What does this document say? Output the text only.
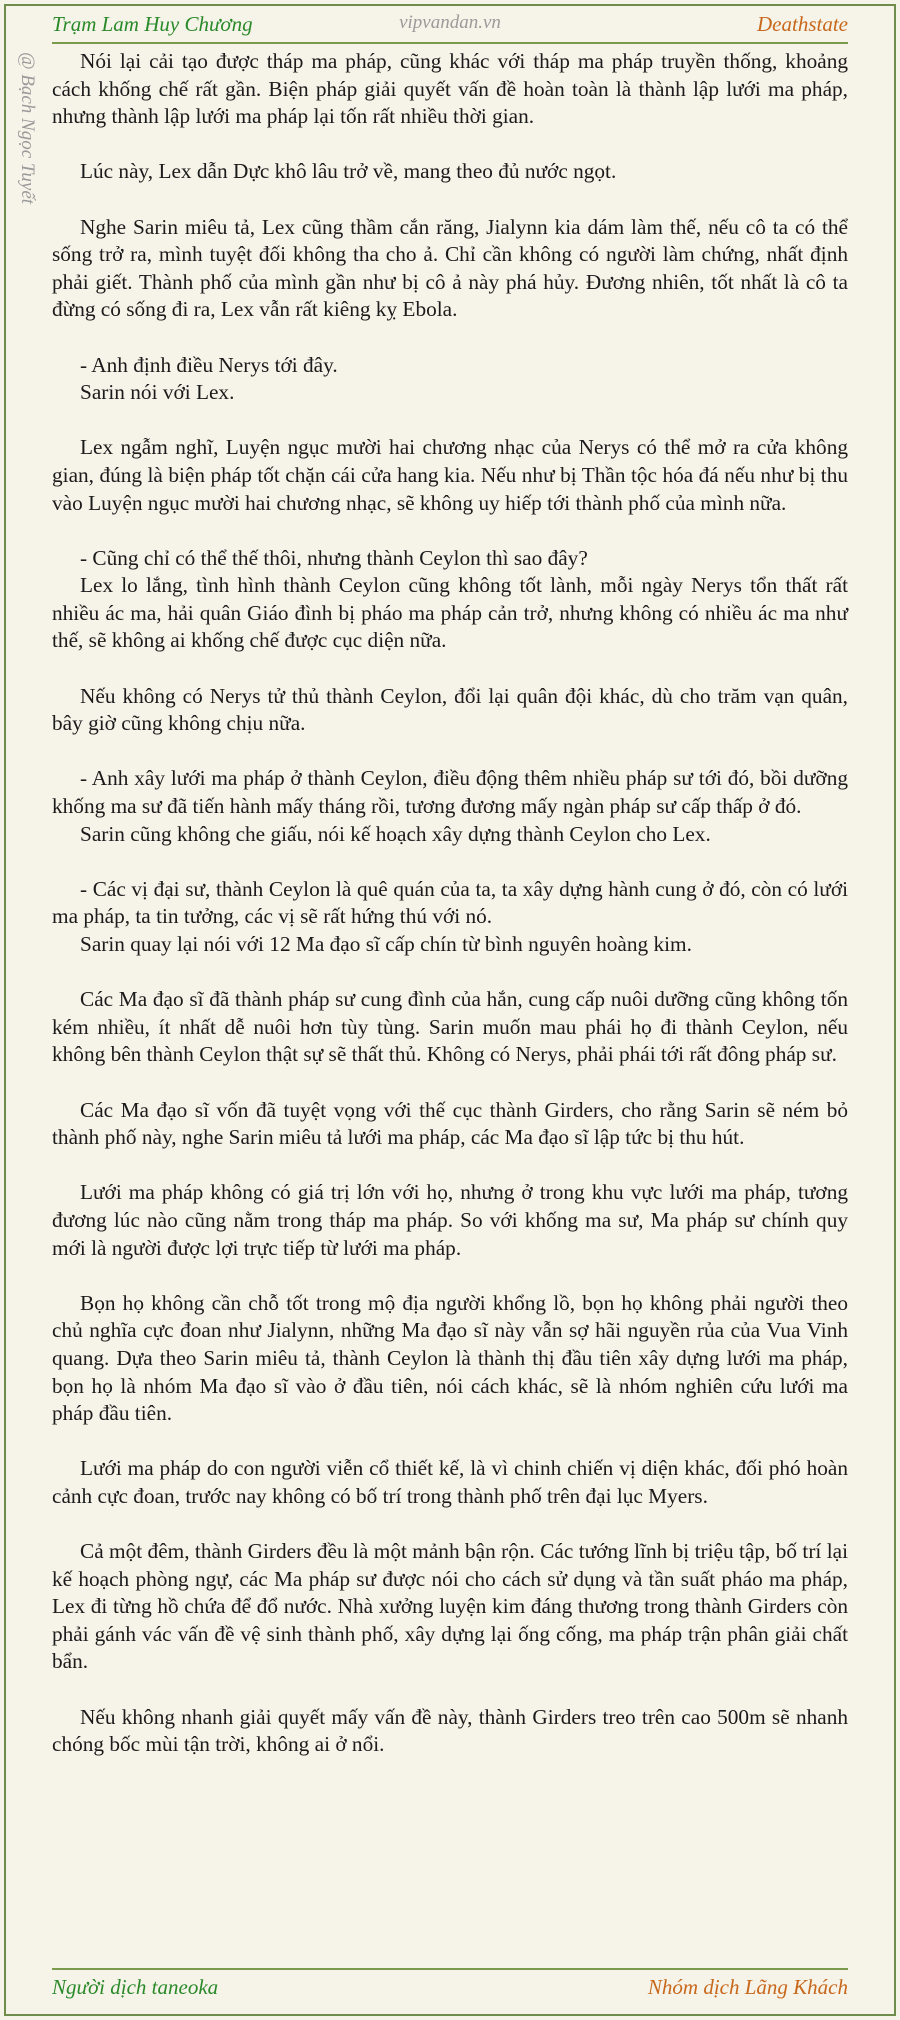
Trạm Lam Huy Chương	vipvandan.vn	Deathstate
@ Bạch Ngọc Tuyết	Nói lại cải tạo được tháp ma pháp, cũng khác với tháp ma pháp truyền thống, khoảng cách khống chế rất gần. Biện pháp giải quyết vấn đề hoàn toàn là thành lập lưới ma pháp, nhưng thành lập lưới ma pháp lại tốn rất nhiều thời gian.

Lúc này, Lex dẫn Dực khô lâu trở về, mang theo đủ nước ngọt.

Nghe Sarin miêu tả, Lex cũng thầm cắn răng, Jialynn kia dám làm thế, nếu cô ta có thể sống trở ra, mình tuyệt đối không tha cho ả. Chỉ cần không có người làm chứng, nhất định phải giết. Thành phố của mình gần như bị cô ả này phá hủy. Đương nhiên, tốt nhất là cô ta đừng có sống đi ra, Lex vẫn rất kiêng kỵ Ebola.

- Anh định điều Nerys tới đây.

Sarin nói với Lex.

Lex ngẫm nghĩ, Luyện ngục mười hai chương nhạc của Nerys có thể mở ra cửa không gian, đúng là biện pháp tốt chặn cái cửa hang kia. Nếu như bị Thần tộc hóa đá nếu như bị thu vào Luyện ngục mười hai chương nhạc, sẽ không uy hiếp tới thành phố của mình nữa.

- Cũng chỉ có thể thế thôi, nhưng thành Ceylon thì sao đây?

Lex lo lắng, tình hình thành Ceylon cũng không tốt lành, mỗi ngày Nerys tổn thất rất nhiều ác ma, hải quân Giáo đình bị pháo ma pháp cản trở, nhưng không có nhiều ác ma như thế, sẽ không ai khống chế được cục diện nữa.

Nếu không có Nerys tử thủ thành Ceylon, đổi lại quân đội khác, dù cho trăm vạn quân, bây giờ cũng không chịu nữa.

- Anh xây lưới ma pháp ở thành Ceylon, điều động thêm nhiều pháp sư tới đó, bồi dưỡng khống ma sư đã tiến hành mấy tháng rồi, tương đương mấy ngàn pháp sư cấp thấp ở đó.

Sarin cũng không che giấu, nói kế hoạch xây dựng thành Ceylon cho Lex.

- Các vị đại sư, thành Ceylon là quê quán của ta, ta xây dựng hành cung ở đó, còn có lưới ma pháp, ta tin tưởng, các vị sẽ rất hứng thú với nó.

Sarin quay lại nói với 12 Ma đạo sĩ cấp chín từ bình nguyên hoàng kim.

Các Ma đạo sĩ đã thành pháp sư cung đình của hắn, cung cấp nuôi dưỡng cũng không tốn kém nhiều, ít nhất dễ nuôi hơn tùy tùng. Sarin muốn mau phái họ đi thành Ceylon, nếu không bên thành Ceylon thật sự sẽ thất thủ. Không có Nerys, phải phái tới rất đông pháp sư.

Các Ma đạo sĩ vốn đã tuyệt vọng với thế cục thành Girders, cho rằng Sarin sẽ ném bỏ thành phố này, nghe Sarin miêu tả lưới ma pháp, các Ma đạo sĩ lập tức bị thu hút.

Lưới ma pháp không có giá trị lớn với họ, nhưng ở trong khu vực lưới ma pháp, tương đương lúc nào cũng nằm trong tháp ma pháp. So với khống ma sư, Ma pháp sư chính quy mới là người được lợi trực tiếp từ lưới ma pháp.

Bọn họ không cần chỗ tốt trong mộ địa người khổng lồ, bọn họ không phải người theo chủ nghĩa cực đoan như Jialynn, những Ma đạo sĩ này vẫn sợ hãi nguyền rủa của Vua Vinh quang. Dựa theo Sarin miêu tả, thành Ceylon là thành thị đầu tiên xây dựng lưới ma pháp, bọn họ là nhóm Ma đạo sĩ vào ở đầu tiên, nói cách khác, sẽ là nhóm nghiên cứu lưới ma pháp đầu tiên.

Lưới ma pháp do con người viễn cổ thiết kế, là vì chinh chiến vị diện khác, đối phó hoàn cảnh cực đoan, trước nay không có bố trí trong thành phố trên đại lục Myers.

Cả một đêm, thành Girders đều là một mảnh bận rộn. Các tướng lĩnh bị triệu tập, bố trí lại kế hoạch phòng ngự, các Ma pháp sư được nói cho cách sử dụng và tần suất pháo ma pháp, Lex đi từng hồ chứa để đổ nước. Nhà xưởng luyện kim đáng thương trong thành Girders còn phải gánh vác vấn đề vệ sinh thành phố, xây dựng lại ống cống, ma pháp trận phân giải chất bẩn.

Nếu không nhanh giải quyết mấy vấn đề này, thành Girders treo trên cao 500m sẽ nhanh chóng bốc mùi tận trời, không ai ở nổi.

Người dịch taneoka	Nhóm dịch Lãng Khách
